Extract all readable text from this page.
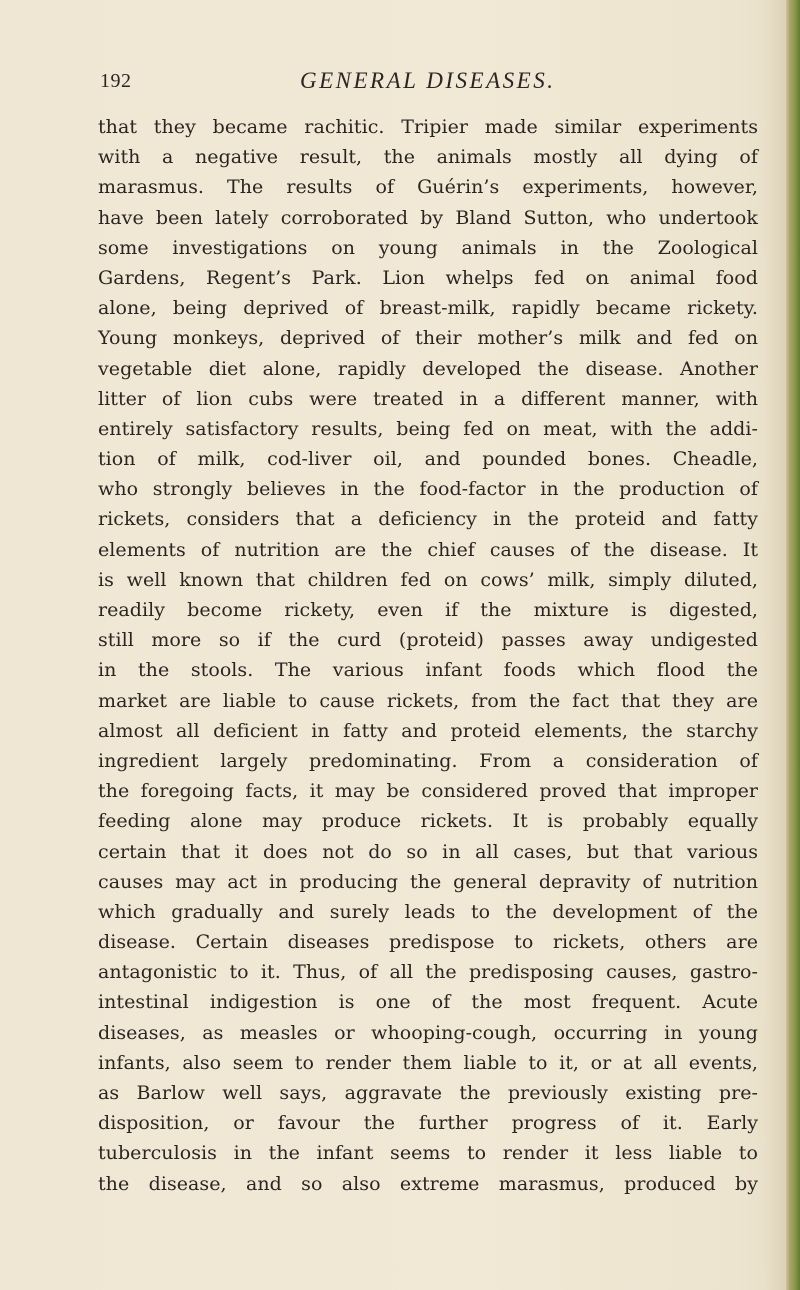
192	GENERAL DISEASES.
that they became rachitic. Tripier made similar experiments
with a negative result, the animals mostly all dying of
marasmus. The results of Guérin’s experiments, however,
have been lately corroborated by Bland Sutton, who undertook
some investigations on young animals in the Zoological
Gardens, Regent’s Park. Lion whelps fed on animal food
alone, being deprived of breast-milk, rapidly became rickety.
Young monkeys, deprived of their mother’s milk and fed on
vegetable diet alone, rapidly developed the disease. Another
litter of lion cubs were treated in a different manner, with
entirely satisfactory results, being fed on meat, with the addi-
tion of milk, cod-liver oil, and pounded bones. Cheadle,
who strongly believes in the food-factor in the production of
rickets, considers that a deficiency in the proteid and fatty
elements of nutrition are the chief causes of the disease. It
is well known that children fed on cows’ milk, simply diluted,
readily become rickety, even if the mixture is digested,
still more so if the curd (proteid) passes away undigested
in the stools. The various infant foods which flood the
market are liable to cause rickets, from the fact that they are
almost all deficient in fatty and proteid elements, the starchy
ingredient largely predominating. From a consideration of
the foregoing facts, it may be considered proved that improper
feeding alone may produce rickets. It is probably equally
certain that it does not do so in all cases, but that various
causes may act in producing the general depravity of nutrition
which gradually and surely leads to the development of the
disease. Certain diseases predispose to rickets, others are
antagonistic to it. Thus, of all the predisposing causes, gastro-
intestinal indigestion is one of the most frequent. Acute
diseases, as measles or whooping-cough, occurring in young
infants, also seem to render them liable to it, or at all events,
as Barlow well says, aggravate the previously existing pre-
disposition, or favour the further progress of it. Early
tuberculosis in the infant seems to render it less liable to
the disease, and so also extreme marasmus, produced by
